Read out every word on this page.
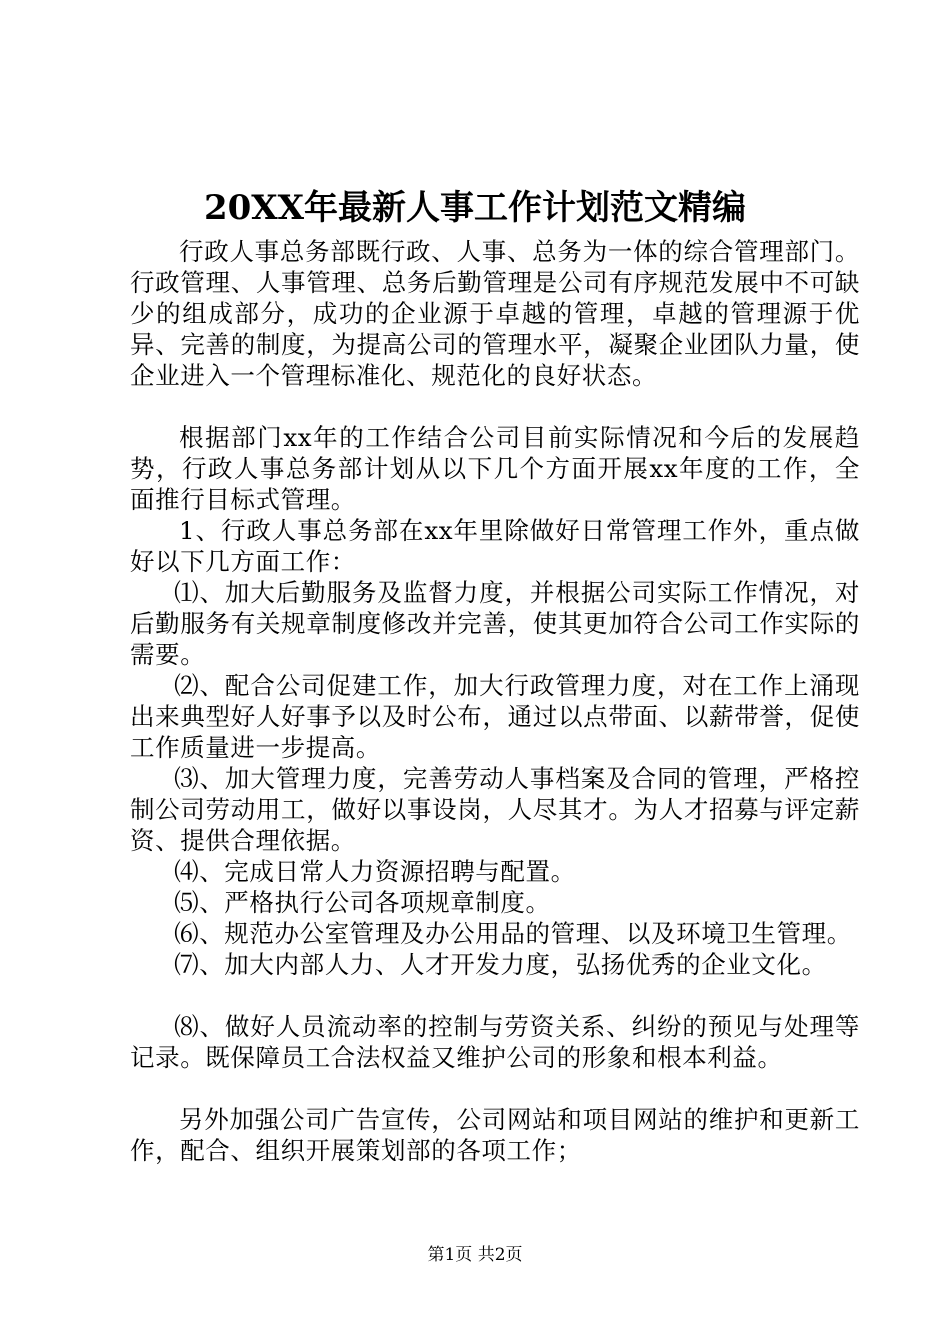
20XX年最新人事工作计划范文精编

行政人事总务部既行政、人事、总务为一体的综合管理部门。行政管理、人事管理、总务后勤管理是公司有序规范发展中不可缺少的组成部分，成功的企业源于卓越的管理，卓越的管理源于优异、完善的制度，为提高公司的管理水平，凝聚企业团队力量，使企业进入一个管理标准化、规范化的良好状态。

根据部门xx年的工作结合公司目前实际情况和今后的发展趋势，行政人事总务部计划从以下几个方面开展xx年度的工作，全面推行目标式管理。

1、行政人事总务部在xx年里除做好日常管理工作外，重点做好以下几方面工作：

⑴、加大后勤服务及监督力度，并根据公司实际工作情况，对后勤服务有关规章制度修改并完善，使其更加符合公司工作实际的需要。

⑵、配合公司促建工作，加大行政管理力度，对在工作上涌现出来典型好人好事予以及时公布，通过以点带面、以薪带誉，促使工作质量进一步提高。

⑶、加大管理力度，完善劳动人事档案及合同的管理，严格控制公司劳动用工，做好以事设岗，人尽其才。为人才招募与评定薪资、提供合理依据。

⑷、完成日常人力资源招聘与配置。

⑸、严格执行公司各项规章制度。

⑹、规范办公室管理及办公用品的管理、以及环境卫生管理。

⑺、加大内部人力、人才开发力度，弘扬优秀的企业文化。

⑻、做好人员流动率的控制与劳资关系、纠纷的预见与处理等记录。既保障员工合法权益又维护公司的形象和根本利益。

另外加强公司广告宣传，公司网站和项目网站的维护和更新工作，配合、组织开展策划部的各项工作；

第1页 共2页
